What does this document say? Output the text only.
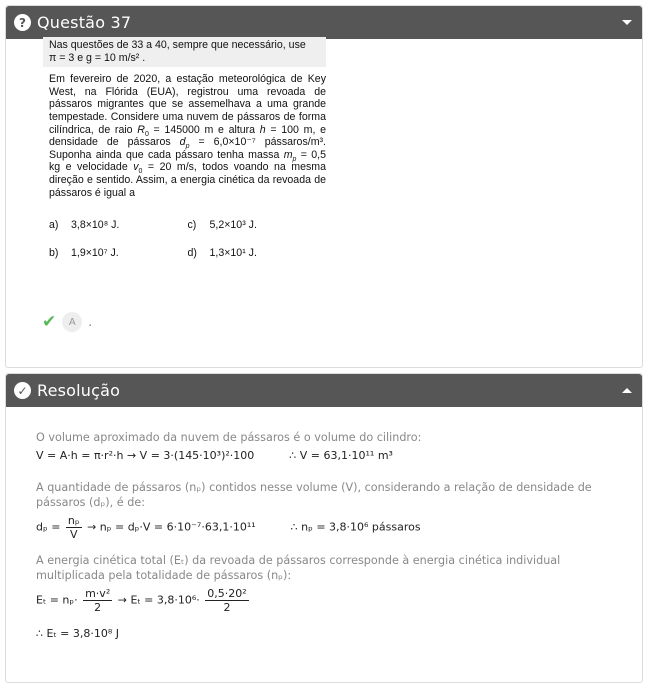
? Questão 37
Nas questões de 33 a 40, sempre que necessário, use
π = 3 e g = 10 m/s² .

Em fevereiro de 2020, a estação meteorológica de Key West, na Flórida (EUA), registrou uma revoada de pássaros migrantes que se assemelhava a uma grande tempestade. Considere uma nuvem de pássaros de forma cilíndrica, de raio $R_0 = 145000$ m e altura h = 100 m, e densidade de pássaros $d_p = 6,0\times 10^{-7}$ pássaros/m³. Suponha ainda que cada pássaro tenha massa $m_p = 0,5$ kg e velocidade $v_0 = 20$ m/s, todos voando na mesma direção e sentido. Assim, a energia cinética da revoada de pássaros é igual a

a)	3,8×10⁸ J.	c)	5,2×10³ J.
b)	1,9×10⁷ J.	d)	1,3×10¹ J.
✔	A	.
✓ Resolução
O volume aproximado da nuvem de pássaros é o volume do cilindro:
V = A·h = π·r²·h → V = 3·(145·10³)²·100	∴ V = 63,1·10¹¹ m³
A quantidade de pássaros (nₚ) contidos nesse volume (V), considerando a relação de densidade de pássaros (dₚ), é de:
$d_p = \frac{\text{nₚ}}{V} \to n_p = d_p\cdot V = 6\cdot 10^{-7}\cdot 63,1\cdot 10^{11}$	∴ nₚ = 3,8·10⁶ pássaros
A energia cinética total (Eₜ) da revoada de pássaros corresponde à energia cinética individual multiplicada pela totalidade de pássaros (nₚ):
$E_t = n_p\cdot \frac{\text{m·v²}}{2} \to E_t = 3,8\cdot 10^6\cdot \frac{\text{0,5·20²}}{2}$
∴ Eₜ = 3,8·10⁸ J
